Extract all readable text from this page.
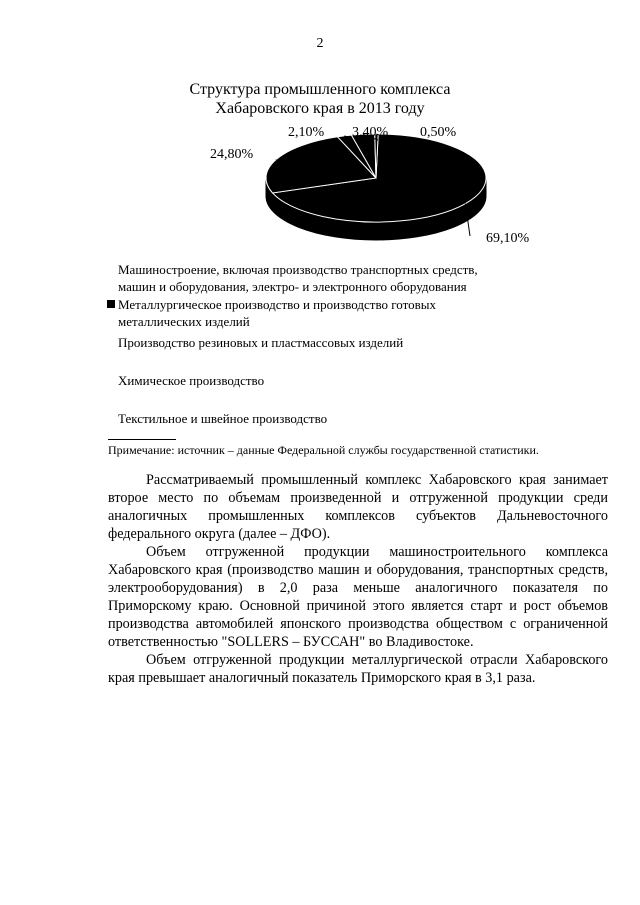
2
Структура промышленного комплекса
Хабаровского края в 2013 году
69,10%
24,80%
2,10% 3,40% 0,50%
Машиностроение, включая производство транспортных средств,
машин и оборудования, электро- и электронного оборудования
Металлургическое производство и производство готовых
металлических изделий
Производство резиновых и пластмассовых изделий
Химическое производство
Текстильное и швейное производство
Примечание: источник – данные Федеральной службы государственной статистики.

Рассматриваемый промышленный комплекс Хабаровского края занимает второе место по объемам произведенной и отгруженной продукции среди аналогичных промышленных комплексов субъектов Дальневосточного федерального округа (далее – ДФО).

Объем отгруженной продукции машиностроительного комплекса Хабаровского края (производство машин и оборудования, транспортных средств, электрооборудования) в 2,0 раза меньше аналогичного показателя по Приморскому краю. Основной причиной этого является старт и рост объемов производства автомобилей японского производства обществом с ограниченной ответственностью "SOLLERS – БУССАН" во Владивостоке.

Объем отгруженной продукции металлургической отрасли Хабаровского края превышает аналогичный показатель Приморского края в 3,1 раза.
